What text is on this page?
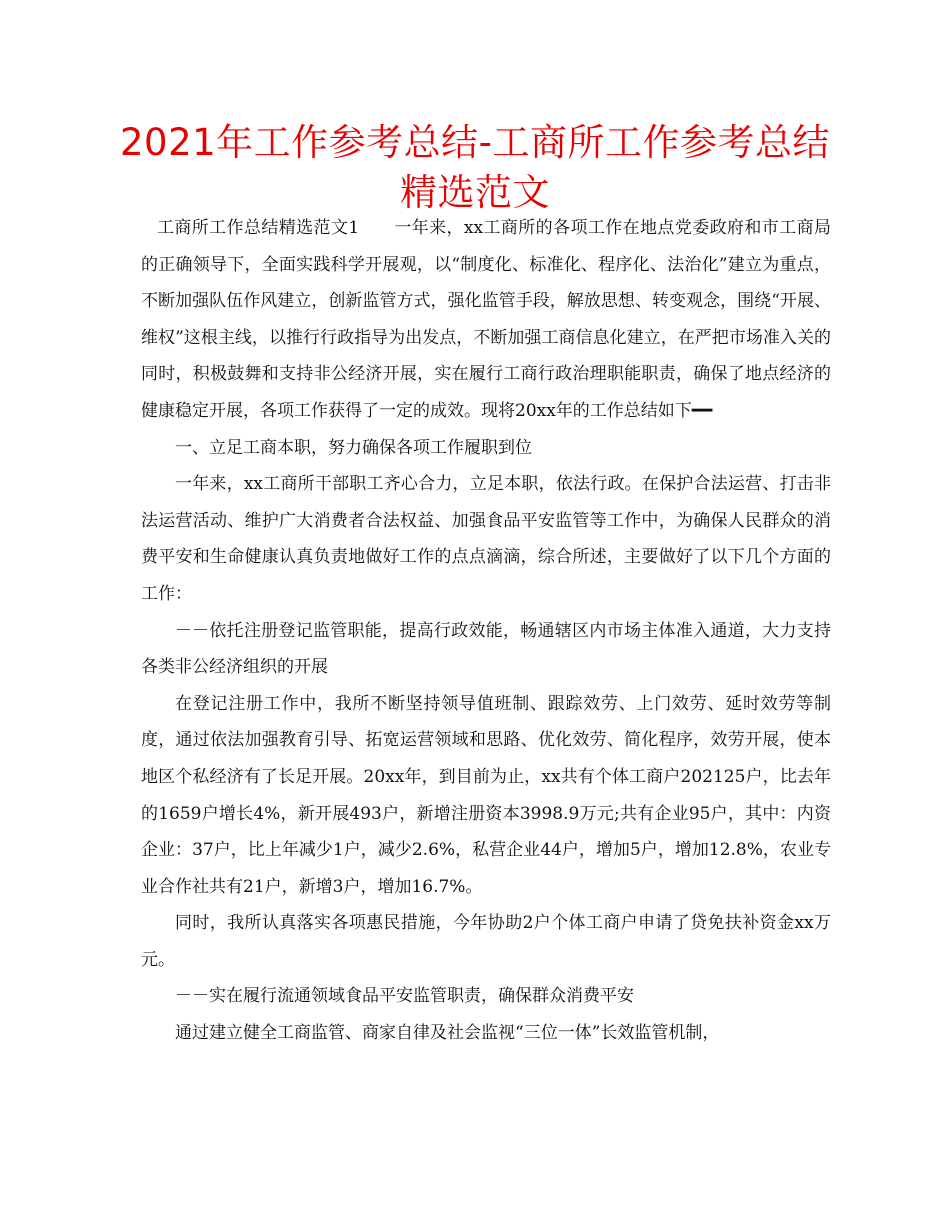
2021年工作参考总结-工商所工作参考总结精选范文

工商所工作总结精选范文1　　一年来，xx工商所的各项工作在地点党委政府和市工商局的正确领导下，全面实践科学开展观，以“制度化、标准化、程序化、法治化”建立为重点，不断加强队伍作风建立，创新监管方式，强化监管手段，解放思想、转变观念，围绕“开展、维权”这根主线，以推行行政指导为出发点，不断加强工商信息化建立，在严把市场准入关的同时，积极鼓舞和支持非公经济开展，实在履行工商行政治理职能职责，确保了地点经济的健康稳定开展，各项工作获得了一定的成效。现将20xx年的工作总结如下━━

一、立足工商本职，努力确保各项工作履职到位

一年来，xx工商所干部职工齐心合力，立足本职，依法行政。在保护合法运营、打击非法运营活动、维护广大消费者合法权益、加强食品平安监管等工作中，为确保人民群众的消费平安和生命健康认真负责地做好工作的点点滴滴，综合所述，主要做好了以下几个方面的工作：

－－依托注册登记监管职能，提高行政效能，畅通辖区内市场主体准入通道，大力支持各类非公经济组织的开展

在登记注册工作中，我所不断坚持领导值班制、跟踪效劳、上门效劳、延时效劳等制度，通过依法加强教育引导、拓宽运营领域和思路、优化效劳、简化程序，效劳开展，使本地区个私经济有了长足开展。20xx年，到目前为止，xx共有个体工商户202125户，比去年的1659户增长4%，新开展493户，新增注册资本3998.9万元;共有企业95户，其中：内资企业：37户，比上年减少1户，减少2.6%，私营企业44户，增加5户，增加12.8%，农业专业合作社共有21户，新增3户，增加16.7%。

同时，我所认真落实各项惠民措施，今年协助2户个体工商户申请了贷免扶补资金xx万元。

－－实在履行流通领域食品平安监管职责，确保群众消费平安

通过建立健全工商监管、商家自律及社会监视“三位一体”长效监管机制，
